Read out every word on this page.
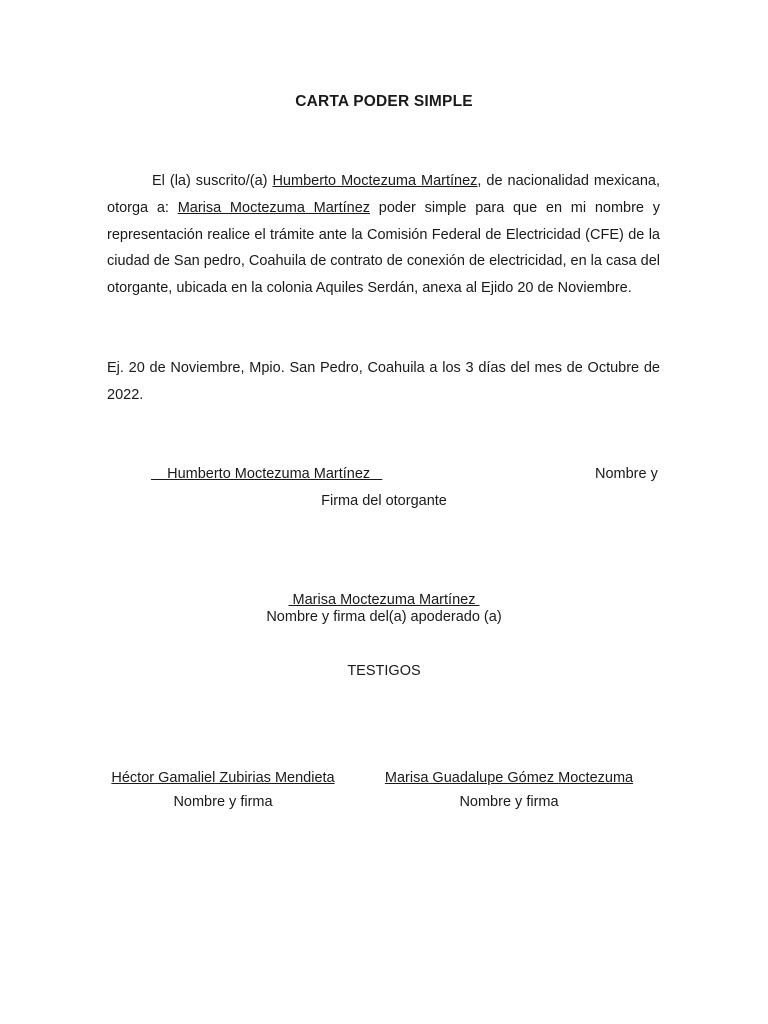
CARTA PODER SIMPLE
El (la) suscrito/(a) Humberto Moctezuma Martínez, de nacionalidad mexicana, otorga a: Marisa Moctezuma Martínez poder simple para que en mi nombre y representación realice el trámite ante la Comisión Federal de Electricidad (CFE) de la ciudad de San pedro, Coahuila de contrato de conexión de electricidad, en la casa del otorgante, ubicada en la colonia Aquiles Serdán, anexa al Ejido 20 de Noviembre.
Ej. 20 de Noviembre, Mpio. San Pedro, Coahuila a los 3 días del mes de Octubre de 2022.
Humberto Moctezuma Martínez	Nombre y
Firma del otorgante
Marisa Moctezuma Martínez
Nombre y firma del(a) apoderado (a)
TESTIGOS
Héctor Gamaliel Zubirias Mendieta
Nombre y firma
Marisa Guadalupe Gómez Moctezuma
Nombre y firma
